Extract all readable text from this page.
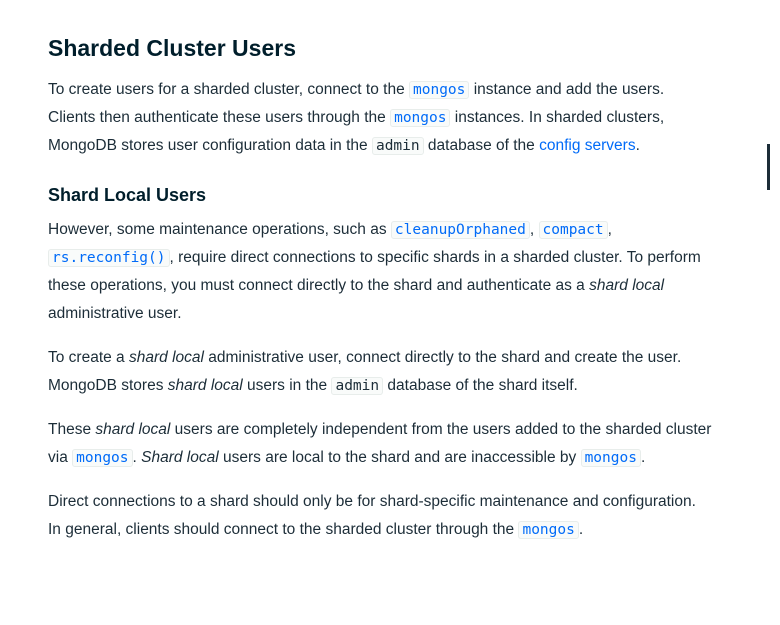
Sharded Cluster Users

To create users for a sharded cluster, connect to the mongos instance and add the users. Clients then authenticate these users through the mongos instances. In sharded clusters, MongoDB stores user configuration data in the admin database of the config servers.

Shard Local Users

However, some maintenance operations, such as cleanupOrphaned , compact , rs.reconfig() , require direct connections to specific shards in a sharded cluster. To perform these operations, you must connect directly to the shard and authenticate as a shard local administrative user.

To create a shard local administrative user, connect directly to the shard and create the user. MongoDB stores shard local users in the admin database of the shard itself.

These shard local users are completely independent from the users added to the sharded cluster via mongos . Shard local users are local to the shard and are inaccessible by mongos .

Direct connections to a shard should only be for shard-specific maintenance and configuration. In general, clients should connect to the sharded cluster through the mongos .
